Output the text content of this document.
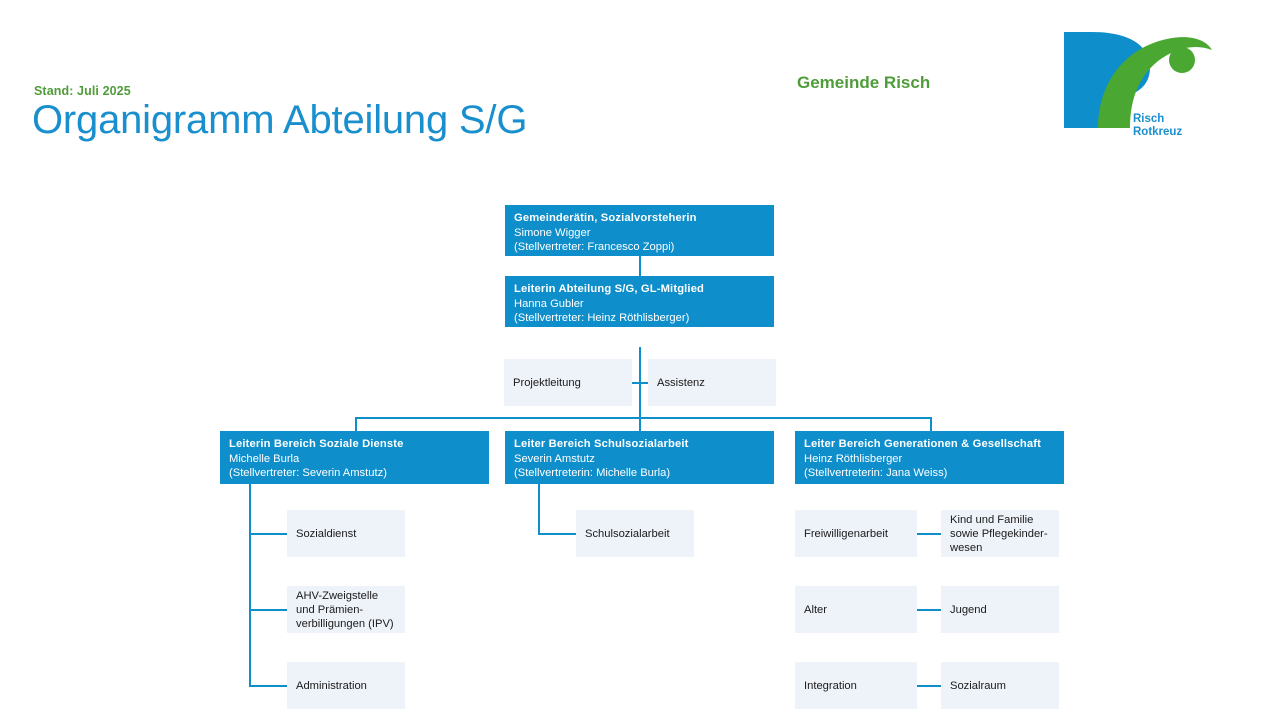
Stand: Juli 2025
Organigramm Abteilung S/G
Gemeinde Risch
Risch
Rotkreuz
Gemeinderätin, Sozialvorsteherin
Simone Wigger
(Stellvertreter: Francesco Zoppi)
Leiterin Abteilung S/G, GL-Mitglied
Hanna Gubler
(Stellvertreter: Heinz Röthlisberger)
Projektleitung	Assistenz
Leiterin Bereich Soziale Dienste
Michelle Burla
(Stellvertreter: Severin Amstutz)
Leiter Bereich Schulsozialarbeit
Severin Amstutz
(Stellvertreterin: Michelle Burla)
Leiter Bereich Generationen & Gesellschaft
Heinz Röthlisberger
(Stellvertreterin: Jana Weiss)
Sozialdienst
AHV-Zweigstelle
und Prämien-
verbilligungen (IPV)
Administration
Schulsozialarbeit	Freiwilligenarbeit
Kind und Familie
sowie Pflegekinder-
wesen
Alter	Jugend
Integration	Sozialraum
